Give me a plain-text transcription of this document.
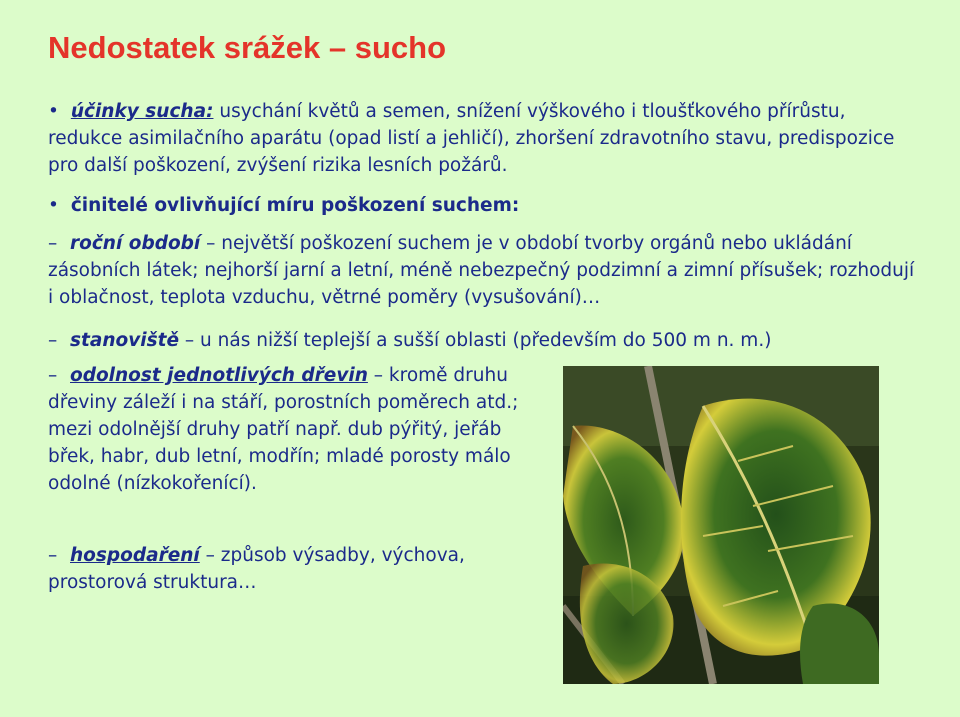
Nedostatek srážek – sucho
• účinky sucha: usychání květů a semen, snížení výškového i tloušťkového přírůstu, redukce asimilačního aparátu (opad listí a jehličí), zhoršení zdravotního stavu, predispozice pro další poškození, zvýšení rizika lesních požárů.
• činitelé ovlivňující míru poškození suchem:
– roční období – největší poškození suchem je v období tvorby orgánů nebo ukládání zásobních látek; nejhorší jarní a letní, méně nebezpečný podzimní a zimní přísušek; rozhodují i oblačnost, teplota vzduchu, větrné poměry (vysušování)…
– stanoviště – u nás nižší teplejší a sušší oblasti (především do 500 m n. m.)
– odolnost jednotlivých dřevin – kromě druhu dřeviny záleží i na stáří, porostních poměrech atd.; mezi odolnější druhy patří např. dub pýřitý, jeřáb břek, habr, dub letní, modřín; mladé porosty málo odolné (nízkokořenící).
– hospodaření – způsob výsadby, výchova, prostorová struktura…
